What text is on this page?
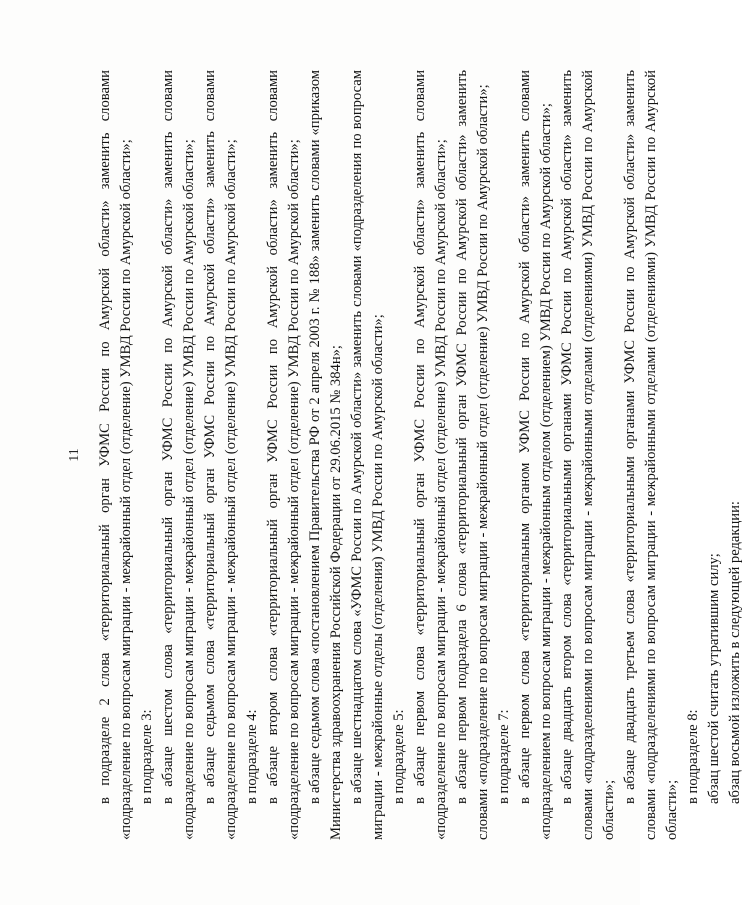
11	в подразделе 2 слова «территориальный орган УФМС России по Амурской области» заменить словами «подразделение по вопросам миграции - межрайонный отдел (отделение) УМВД России по Амурской области»; в подразделе 3: в абзаце шестом слова «территориальный орган УФМС России по Амурской области» заменить словами «подразделение по вопросам миграции - межрайонный отдел (отделение) УМВД России по Амурской области»; в абзаце седьмом слова «территориальный орган УФМС России по Амурской области» заменить словами «подразделение по вопросам миграции - межрайонный отдел (отделение) УМВД России по Амурской области»; в подразделе 4: в абзаце втором слова «территориальный орган УФМС России по Амурской области» заменить словами «подразделение по вопросам миграции - межрайонный отдел (отделение) УМВД России по Амурской области»; в абзаце седьмом слова «постановлением Правительства РФ от 2 апреля 2003 г. № 188» заменить словами «приказом Министерства здравоохранения Российской Федерации от 29.06.2015 № 384н»; в абзаце шестнадцатом слова «УФМС России по Амурской области» заменить словами «подразделения по вопросам миграции - межрайонные отделы (отделения) УМВД России по Амурской области»; в подразделе 5: в абзаце первом слова «территориальный орган УФМС России по Амурской области» заменить словами «подразделение по вопросам миграции - межрайонный отдел (отделение) УМВД России по Амурской области»; в абзаце первом подраздела 6 слова «территориальный орган УФМС России по Амурской области» заменить словами «подразделение по вопросам миграции - межрайонный отдел (отделение) УМВД России по Амурской области»; в подразделе 7: в абзаце первом слова «территориальным органом УФМС России по Амурской области» заменить словами «подразделением по вопросам миграции - межрайонным отделом (отделением) УМВД России по Амурской области»; в абзаце двадцать втором слова «территориальными органами УФМС России по Амурской области» заменить словами «подразделениями по вопросам миграции - межрайонными отделами (отделениями) УМВД России по Амурской области»;

в абзаце двадцать третьем слова «территориальными органами УФМС России по Амурской области» заменить словами «подразделениями по вопросам миграции - межрайонными отделами (отделениями) УМВД России по Амурской области»;

в подразделе 8: абзац шестой считать утратившим силу; абзац восьмой изложить в следующей редакции:
